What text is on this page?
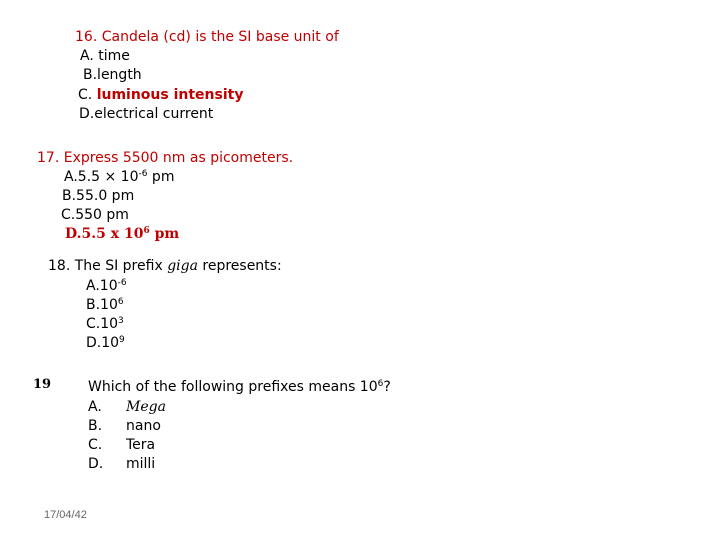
16. Candela (cd) is the SI base unit of
A. time
B.length
C. luminous intensity
D.electrical current
17. Express 5500 nm as picometers.
$A.5.5 \times 10^{-6}$ pm
B.55.0 pm
C.550 pm
D.5.5 x $10^6$ pm
18. The SI prefix giga represents:
$A.10^{-6}$
$B.10^6$
$C.10^3$
$D.10^9$
19	Which of the following prefixes means $10^6$?
A. Mega
B. nano
C. Tera
D. milli
17/04/42
